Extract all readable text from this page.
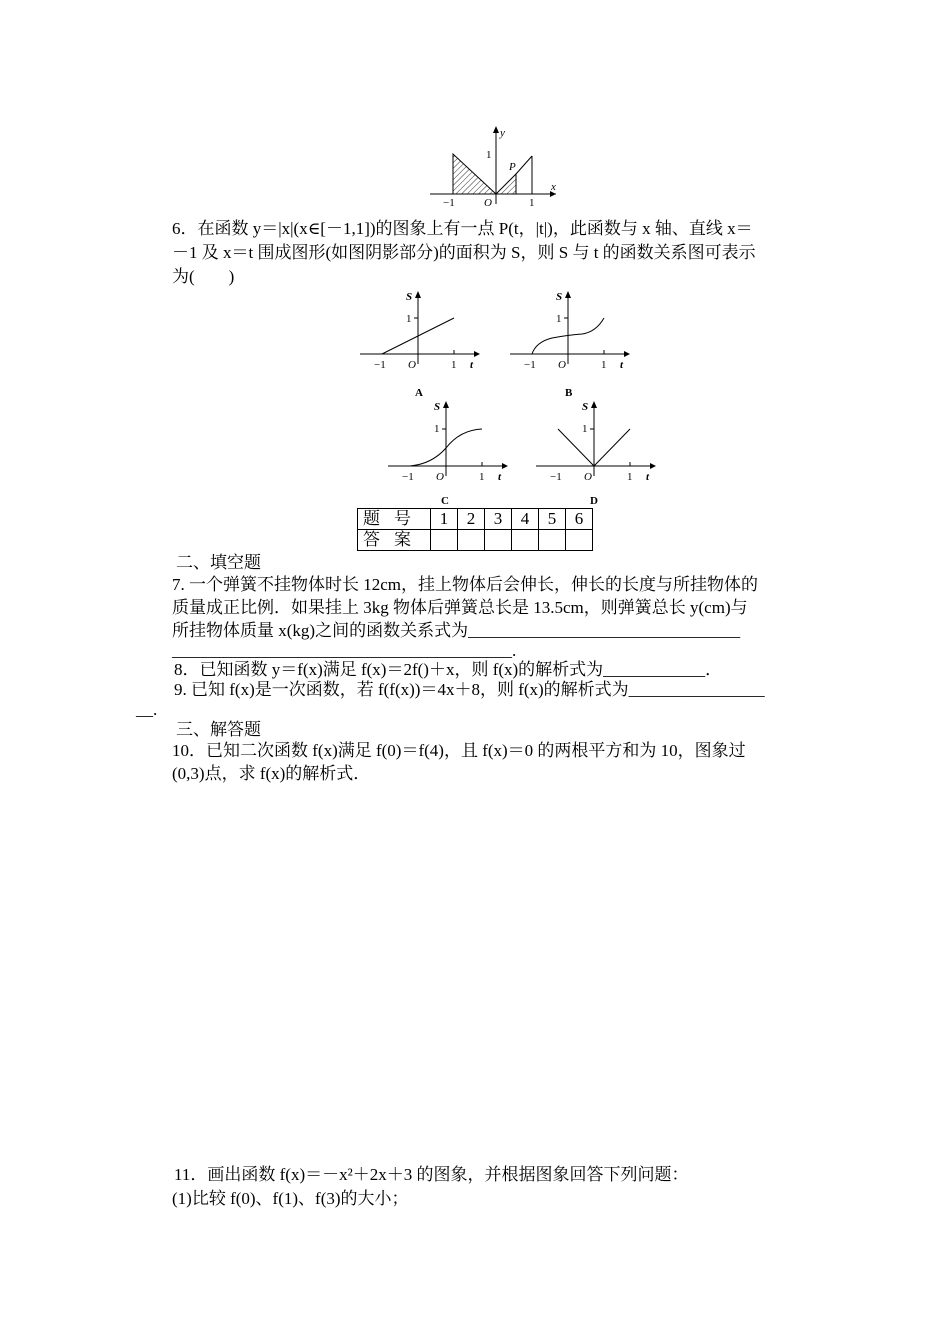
y
x
1
−1	O	1
P
6．在函数 y＝|x|(x∈[－1,1])的图象上有一点 P(t，|t|)，此函数与 x 轴、直线 x＝
－1 及 x＝t 围成图形(如图阴影部分)的面积为 S，则 S 与 t 的函数关系图可表示
为(　　)
S
1
−1 O	1 t
A
S
1
−1 O	1 t
B
S
1
−1 O	1 t
C
S
1
−1 O	1 t
D
题号	1	2	3	4	5	6
答案						
二、填空题
7. 一个弹簧不挂物体时长 12cm，挂上物体后会伸长，伸长的长度与所挂物体的
质量成正比例．如果挂上 3kg 物体后弹簧总长是 13.5cm，则弹簧总长 y(cm)与
所挂物体质量 x(kg)之间的函数关系式为________________________________
________________________________________.
8．已知函数 y＝f(x)满足 f(x)＝2f()＋x，则 f(x)的解析式为____________．
9. 已知 f(x)是一次函数，若 f(f(x))＝4x＋8，则 f(x)的解析式为________________
__.
三、解答题
10．已知二次函数 f(x)满足 f(0)＝f(4)，且 f(x)＝0 的两根平方和为 10，图象过
(0,3)点，求 f(x)的解析式．
11．画出函数 f(x)＝－x²＋2x＋3 的图象，并根据图象回答下列问题：
(1)比较 f(0)、f(1)、f(3)的大小；
